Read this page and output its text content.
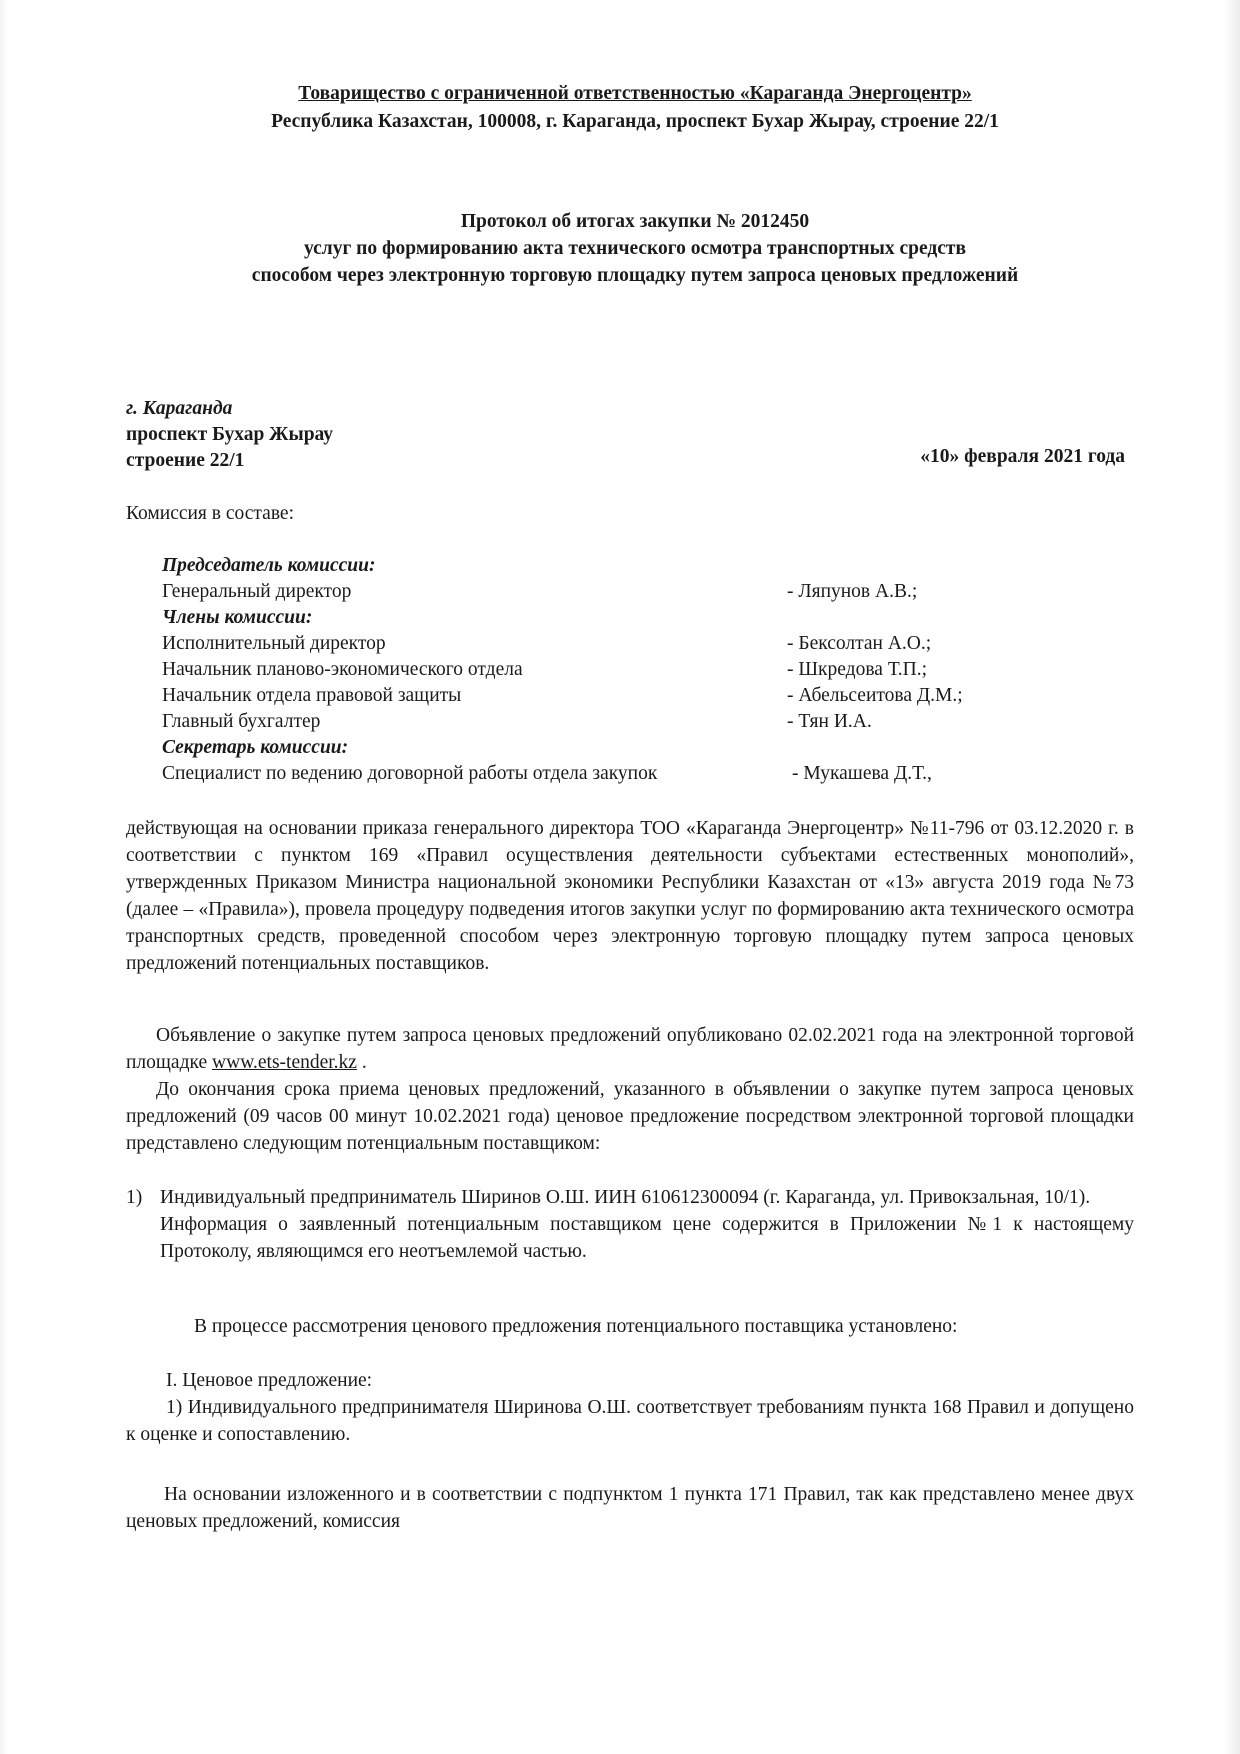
Товарищество с ограниченной ответственностью «Караганда Энергоцентр»
Республика Казахстан, 100008, г. Караганда, проспект Бухар Жырау, строение 22/1
Протокол об итогах закупки № 2012450
услуг по формированию акта технического осмотра транспортных средств
способом через электронную торговую площадку путем запроса ценовых предложений
г. Караганда
проспект Бухар Жырау
строение 22/1	«10» февраля 2021 года
Комиссия в составе:
Председатель комиссии:
Генеральный директор	- Ляпунов А.В.;
Члены комиссии:
Исполнительный директор	- Бексолтан А.О.;
Начальник планово-экономического отдела	- Шкредова Т.П.;
Начальник отдела правовой защиты	- Абельсеитова Д.М.;
Главный бухгалтер	- Тян И.А.
Секретарь комиссии:
Специалист по ведению договорной работы отдела закупок	- Мукашева Д.Т.,
действующая на основании приказа генерального директора ТОО «Караганда Энергоцентр» №11-796 от 03.12.2020 г. в соответствии с пунктом 169 «Правил осуществления деятельности субъектами естественных монополий», утвержденных Приказом Министра национальной экономики Республики Казахстан от «13» августа 2019 года №73 (далее – «Правила»), провела процедуру подведения итогов закупки услуг по формированию акта технического осмотра транспортных средств, проведенной способом через электронную торговую площадку путем запроса ценовых предложений потенциальных поставщиков.
Объявление о закупке путем запроса ценовых предложений опубликовано 02.02.2021 года на электронной торговой площадке www.ets-tender.kz .
До окончания срока приема ценовых предложений, указанного в объявлении о закупке путем запроса ценовых предложений (09 часов 00 минут 10.02.2021 года) ценовое предложение посредством электронной торговой площадки представлено следующим потенциальным поставщиком:
1) Индивидуальный предприниматель Ширинов О.Ш. ИИН 610612300094 (г. Караганда, ул. Привокзальная, 10/1).
Информация о заявленный потенциальным поставщиком цене содержится в Приложении №1 к настоящему Протоколу, являющимся его неотъемлемой частью.
В процессе рассмотрения ценового предложения потенциального поставщика установлено:
I. Ценовое предложение:
1) Индивидуального предпринимателя Ширинова О.Ш. соответствует требованиям пункта 168 Правил и допущено к оценке и сопоставлению.
На основании изложенного и в соответствии с подпунктом 1 пункта 171 Правил, так как представлено менее двух ценовых предложений, комиссия
